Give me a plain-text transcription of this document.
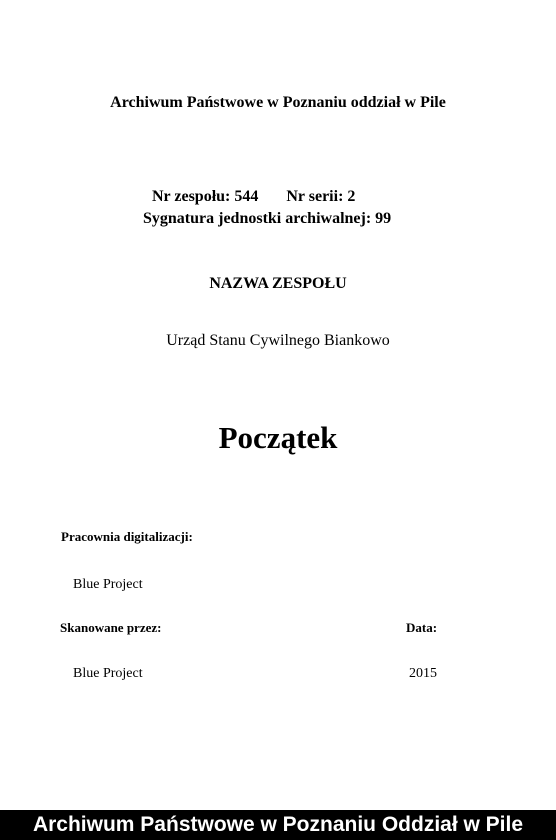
Archiwum Państwowe w Poznaniu oddział w Pile
Nr zespołu: 544 Nr serii: 2
Sygnatura jednostki archiwalnej: 99
NAZWA ZESPOŁU
Urząd Stanu Cywilnego Biankowo
Początek
Pracownia digitalizacji:
Blue Project
Skanowane przez:	Data:
Blue Project	2015
Archiwum Państwowe w Poznaniu Oddział w Pile
